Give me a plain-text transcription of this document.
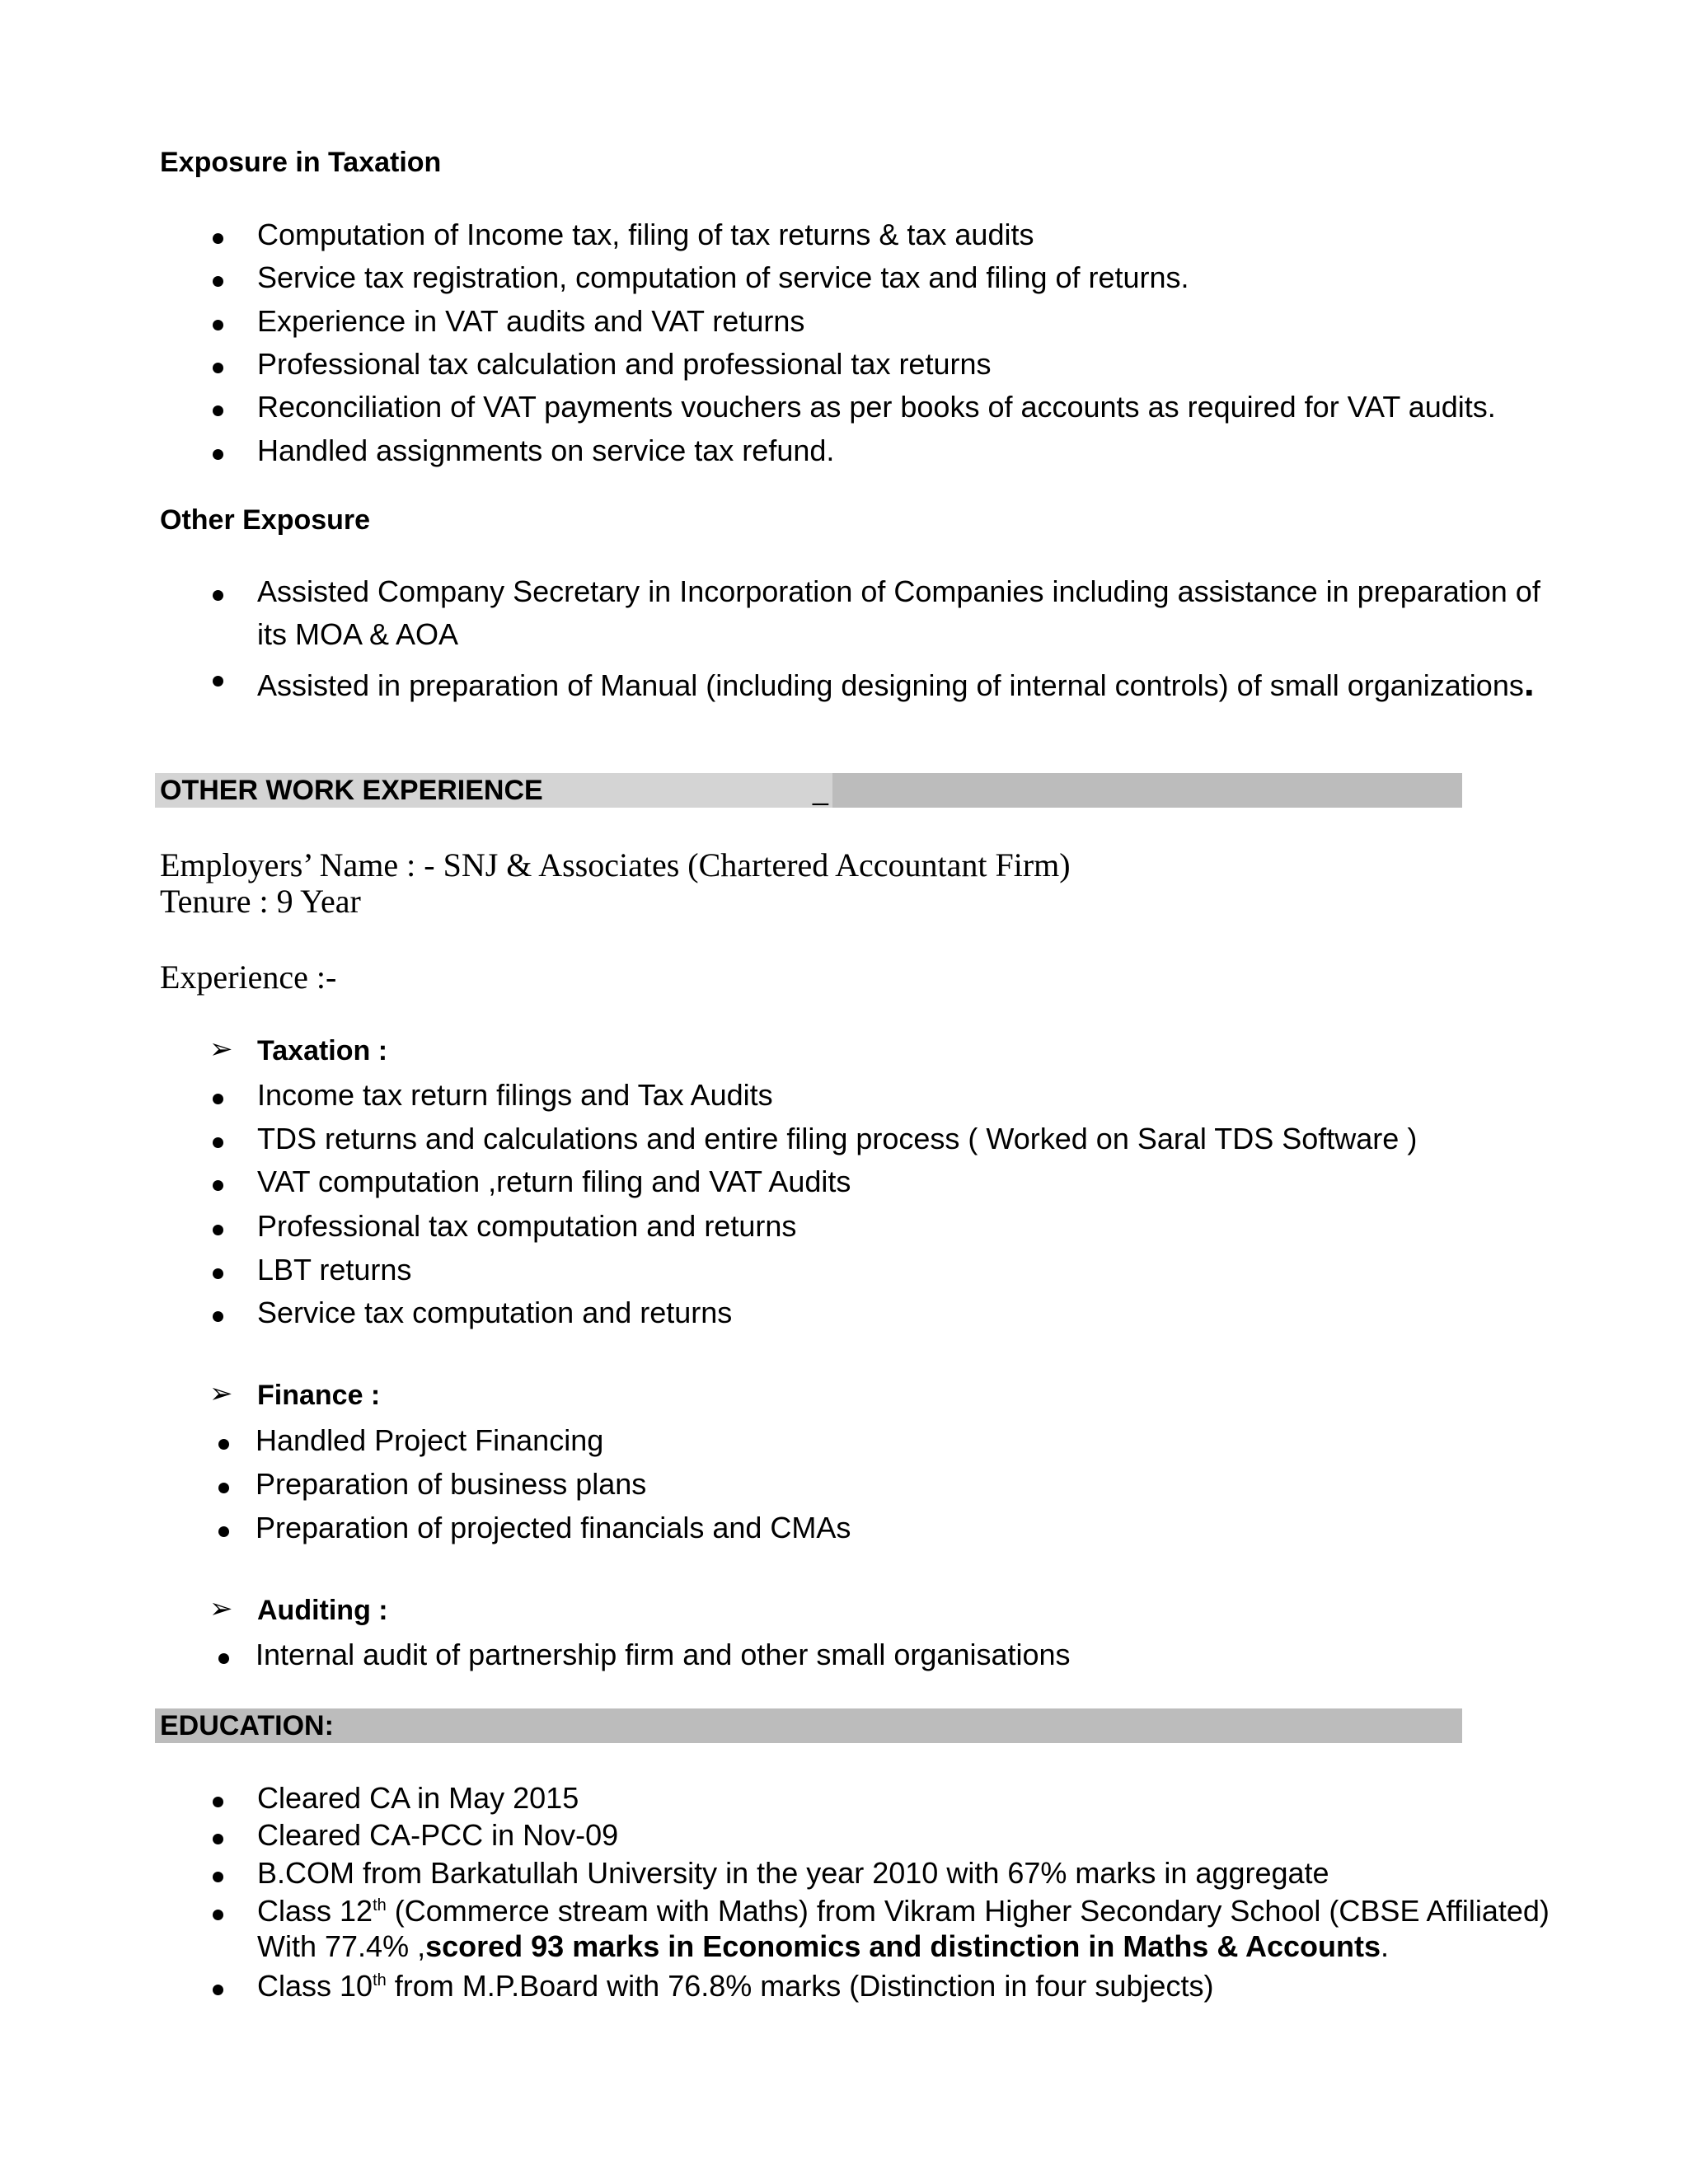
Exposure in Taxation
Computation of Income tax, filing of tax returns & tax audits
Service tax registration, computation of service tax and filing of returns.
Experience in VAT audits and VAT returns
Professional tax calculation and professional tax returns
Reconciliation of VAT payments vouchers as per books of accounts as required for VAT audits.
Handled assignments on service tax refund.
Other Exposure
Assisted Company Secretary in Incorporation of Companies including assistance in preparation of
its MOA & AOA
Assisted in preparation of Manual (including designing of internal controls) of small organizations.
OTHER WORK EXPERIENCE	_
Employers’ Name : - SNJ & Associates (Chartered Accountant Firm)
Tenure : 9 Year
Experience :-
➢ Taxation :
Income tax return filings and Tax Audits
TDS returns and calculations and entire filing process ( Worked on Saral TDS Software )
VAT computation ,return filing and VAT Audits
Professional tax computation and returns
LBT returns
Service tax computation and returns
➢ Finance :
Handled Project Financing
Preparation of business plans
Preparation of projected financials and CMAs
➢ Auditing :
Internal audit of partnership firm and other small organisations
EDUCATION:
Cleared CA in May 2015
Cleared CA-PCC in Nov-09
B.COM from Barkatullah University in the year 2010 with 67% marks in aggregate
Class 12th (Commerce stream with Maths) from Vikram Higher Secondary School (CBSE Affiliated)
With 77.4% ,scored 93 marks in Economics and distinction in Maths & Accounts.
Class 10th from M.P.Board with 76.8% marks (Distinction in four subjects)
